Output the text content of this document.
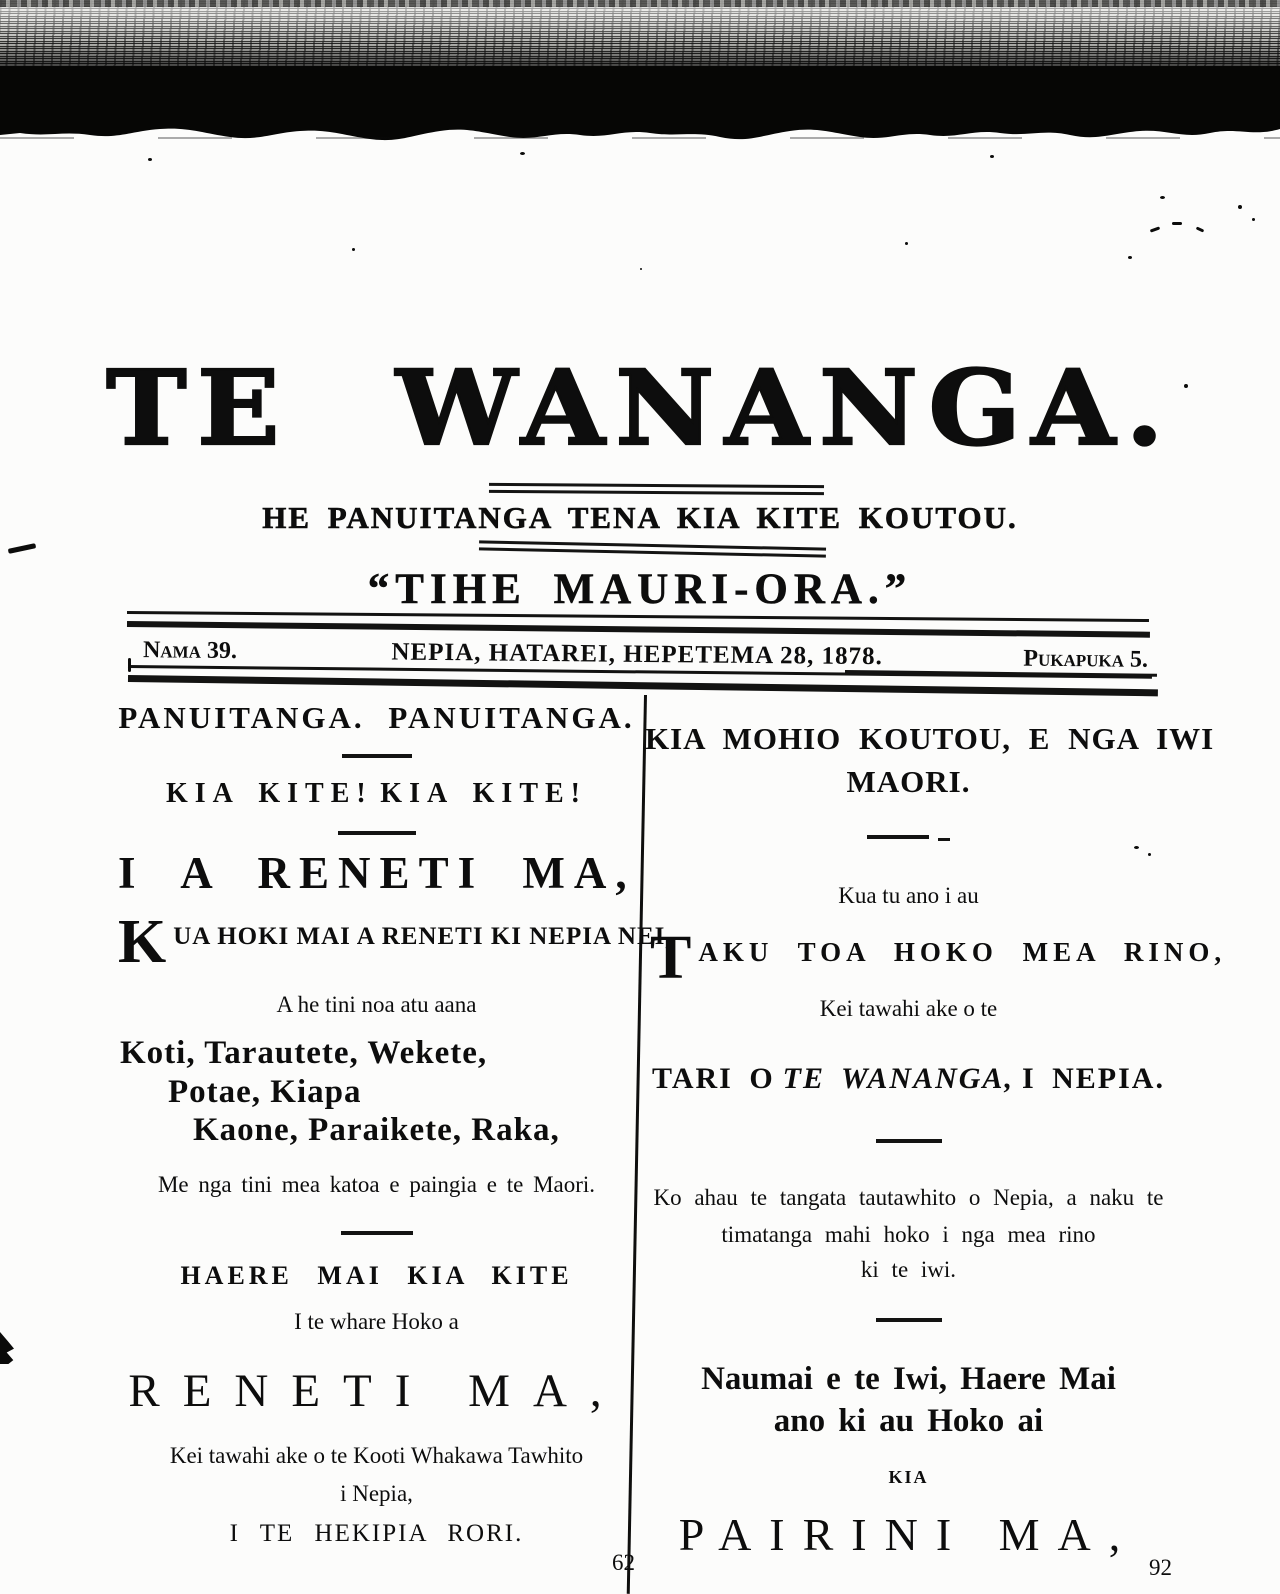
TE WANANGA.
HE PANUITANGA TENA KIA KITE KOUTOU.
“TIHE MAURI-ORA.”
Nama 39.	NEPIA, HATAREI, HEPETEMA 28, 1878.	Pukapuka 5.
PANUITANGA. PANUITANGA.
KIA KITE! KIA KITE!
I A RENETI MA,
K UA HOKI MAI A RENETI KI NEPIA NEI,
A he tini noa atu aana
Koti, Tarautete, Wekete,
Potae, Kiapa
Kaone, Paraikete, Raka,
Me nga tini mea katoa e paingia e te Maori.
HAERE MAI KIA KITE
I te whare Hoko a
RENETI MA,
Kei tawahi ake o te Kooti Whakawa Tawhito
i Nepia,
I TE HEKIPIA RORI.
62
KIA MOHIO KOUTOU, E NGA IWI
MAORI.
Kua tu ano i au
T AKU TOA HOKO MEA RINO,
Kei tawahi ake o te
TARI O TE WANANGA, I NEPIA.
Ko ahau te tangata tautawhito o Nepia, a naku te
timatanga mahi hoko i nga mea rino
ki te iwi.
Naumai e te Iwi, Haere Mai
ano ki au Hoko ai
KIA
PAIRINI MA,
92
